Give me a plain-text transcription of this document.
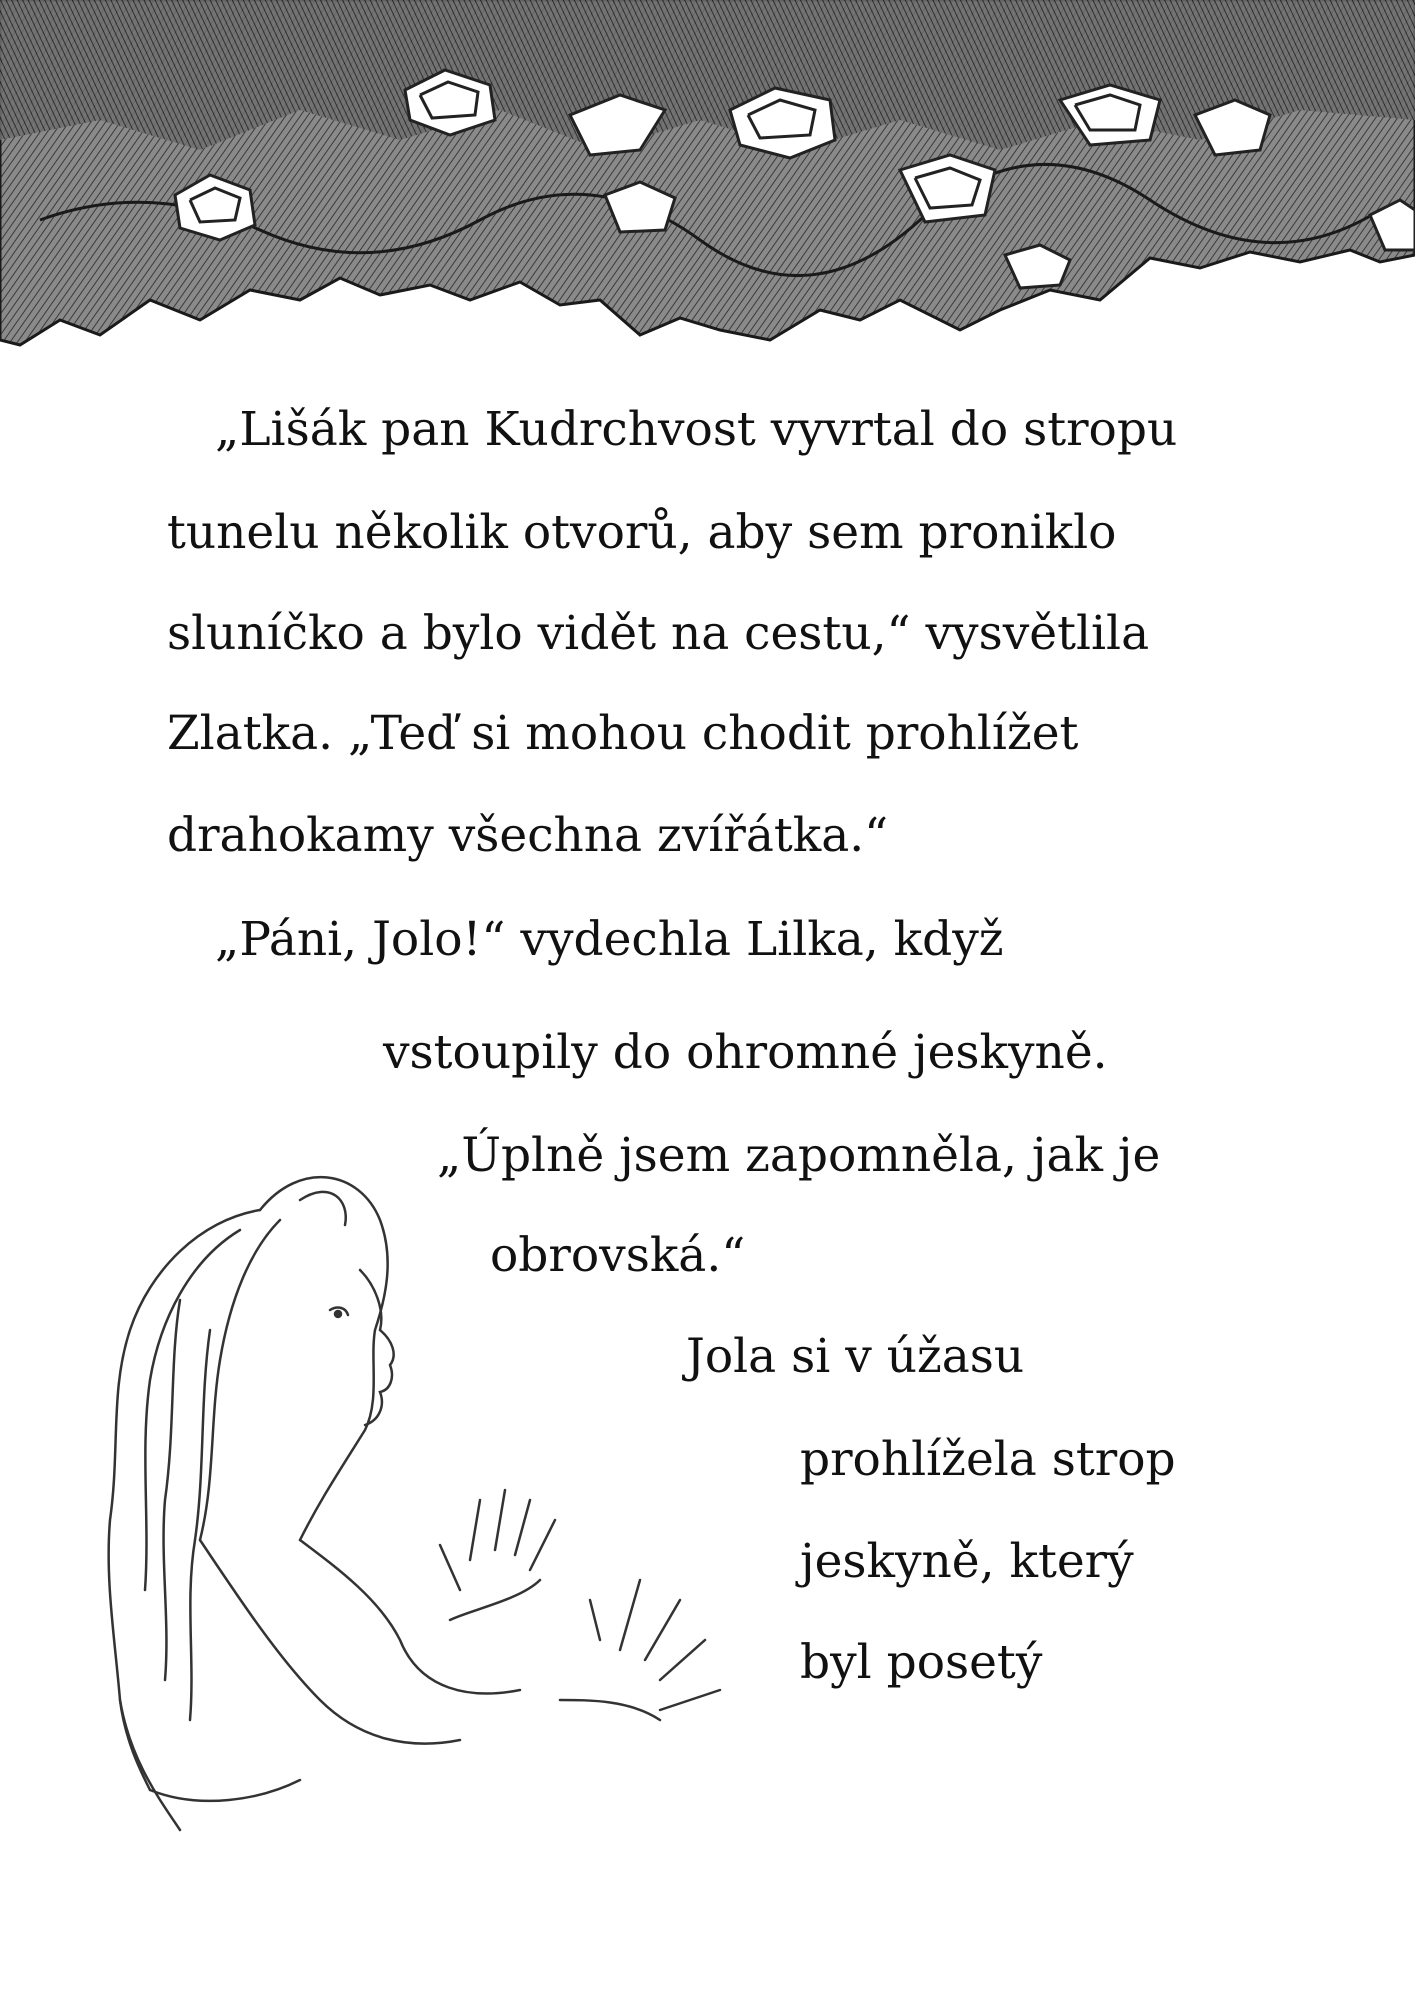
„Lišák pan Kudrchvost vyvrtal do stropu
tunelu několik otvorů, aby sem proniklo
sluníčko a bylo vidět na cestu,“ vysvětlila
Zlatka. „Teď si mohou chodit prohlížet
drahokamy všechna zvířátka.“
„Páni, Jolo!“ vydechla Lilka, když
vstoupily do ohromné jeskyně.
„Úplně jsem zapomněla, jak je
obrovská.“
Jola si v úžasu
prohlížela strop
jeskyně, který
byl posetý
